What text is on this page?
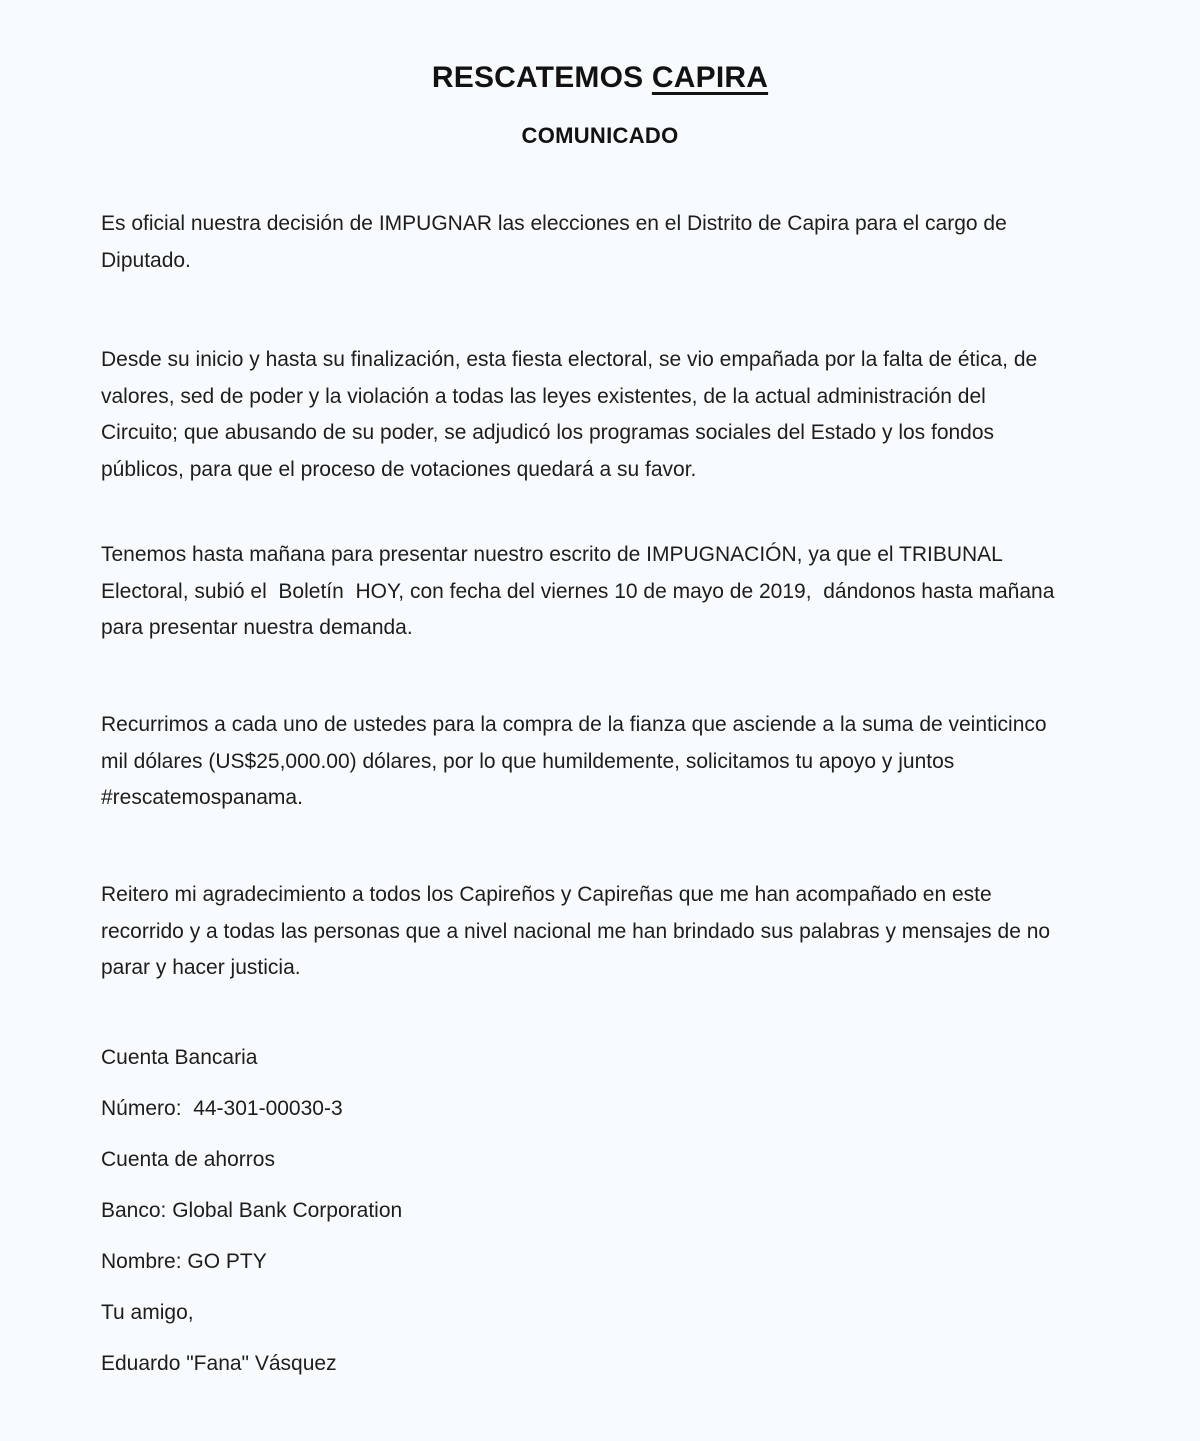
RESCATEMOS CAPIRA
COMUNICADO

Es oficial nuestra decisión de IMPUGNAR las elecciones en el Distrito de Capira para el cargo de Diputado.

Desde su inicio y hasta su finalización, esta fiesta electoral, se vio empañada por la falta de ética, de valores, sed de poder y la violación a todas las leyes existentes, de la actual administración del Circuito; que abusando de su poder, se adjudicó los programas sociales del Estado y los fondos públicos, para que el proceso de votaciones quedará a su favor.

Tenemos hasta mañana para presentar nuestro escrito de IMPUGNACIÓN, ya que el TRIBUNAL Electoral, subió el  Boletín  HOY, con fecha del viernes 10 de mayo de 2019,  dándonos hasta mañana para presentar nuestra demanda.

Recurrimos a cada uno de ustedes para la compra de la fianza que asciende a la suma de veinticinco mil dólares (US$25,000.00) dólares, por lo que humildemente, solicitamos tu apoyo y juntos #rescatemospanama.

Reitero mi agradecimiento a todos los Capireños y Capireñas que me han acompañado en este recorrido y a todas las personas que a nivel nacional me han brindado sus palabras y mensajes de no parar y hacer justicia.

Cuenta Bancaria

Número:  44-301-00030-3

Cuenta de ahorros

Banco: Global Bank Corporation

Nombre: GO PTY

Tu amigo,

Eduardo "Fana" Vásquez
